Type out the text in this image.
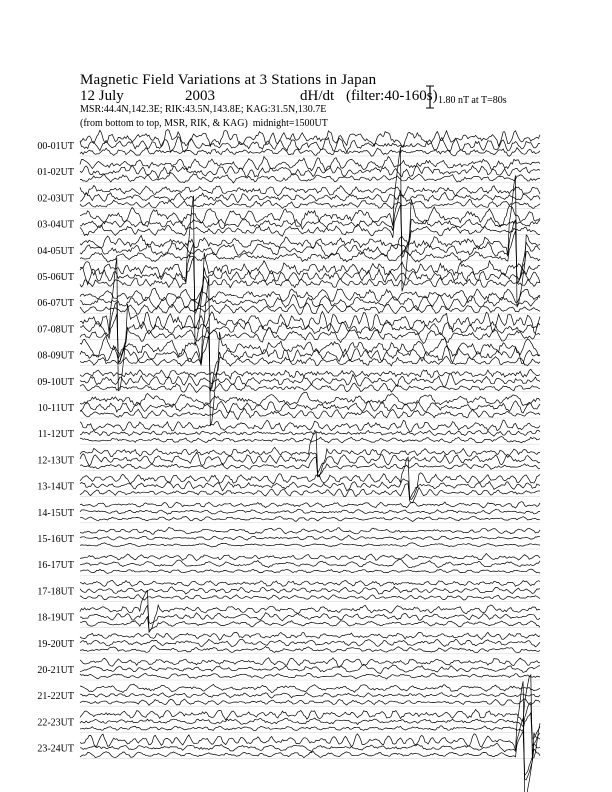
Magnetic Field Variations at 3 Stations in Japan
12 July	2003	dH/dt (filter:40-160s)
MSR:44.4N,142.3E; RIK:43.5N,143.8E; KAG:31.5N,130.7E
(from bottom to top, MSR, RIK, & KAG) midnight=1500UT
1.80 nT at T=80s
00-01UT
01-02UT
02-03UT
03-04UT
04-05UT
05-06UT
06-07UT
07-08UT
08-09UT
09-10UT
10-11UT
11-12UT
12-13UT
13-14UT
14-15UT
15-16UT
16-17UT
17-18UT
18-19UT
19-20UT
20-21UT
21-22UT
22-23UT
23-24UT
